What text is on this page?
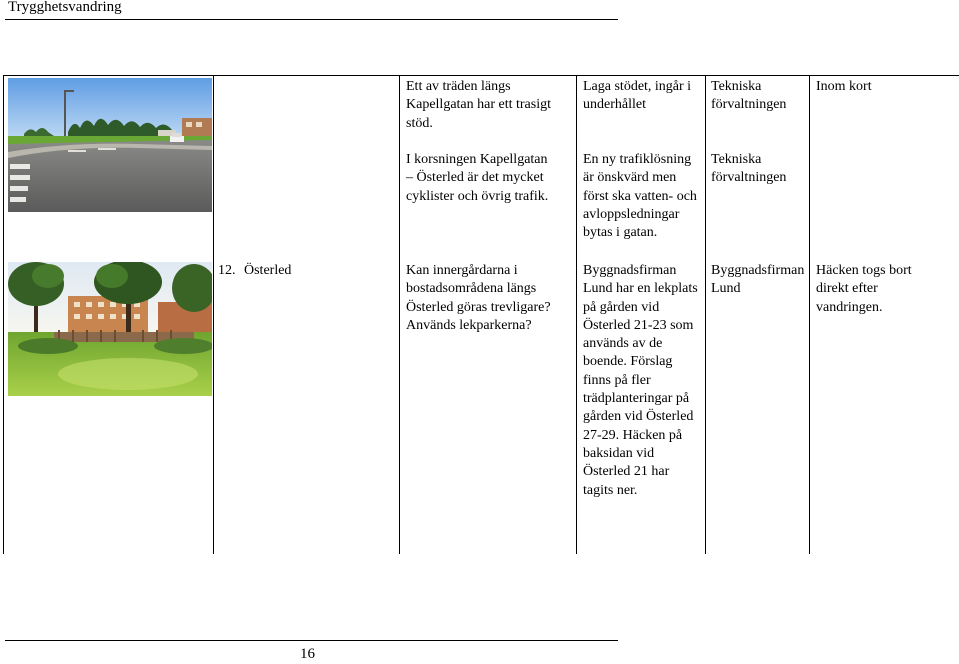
Trygghetsvandring
Ett av träden längs Kapellgatan har ett trasigt stöd.
Laga stödet, ingår i underhållet
Tekniska förvaltningen
Inom kort
I korsningen Kapellgatan – Österled är det mycket cyklister och övrig trafik.
En ny trafiklösning är önskvärd men först ska vatten- och avloppsledningar bytas i gatan.
Tekniska förvaltningen
12. Österled	Kan innergårdarna i bostadsområdena längs Österled göras trevligare? Används lekparkerna?
Byggnadsfirman Lund har en lekplats på gården vid Österled 21-23 som används av de boende. Förslag finns på fler trädplanteringar på gården vid Österled 27-29. Häcken på baksidan vid Österled 21 har tagits ner.
Byggnadsfirman Lund
Häcken togs bort direkt efter vandringen.
16
